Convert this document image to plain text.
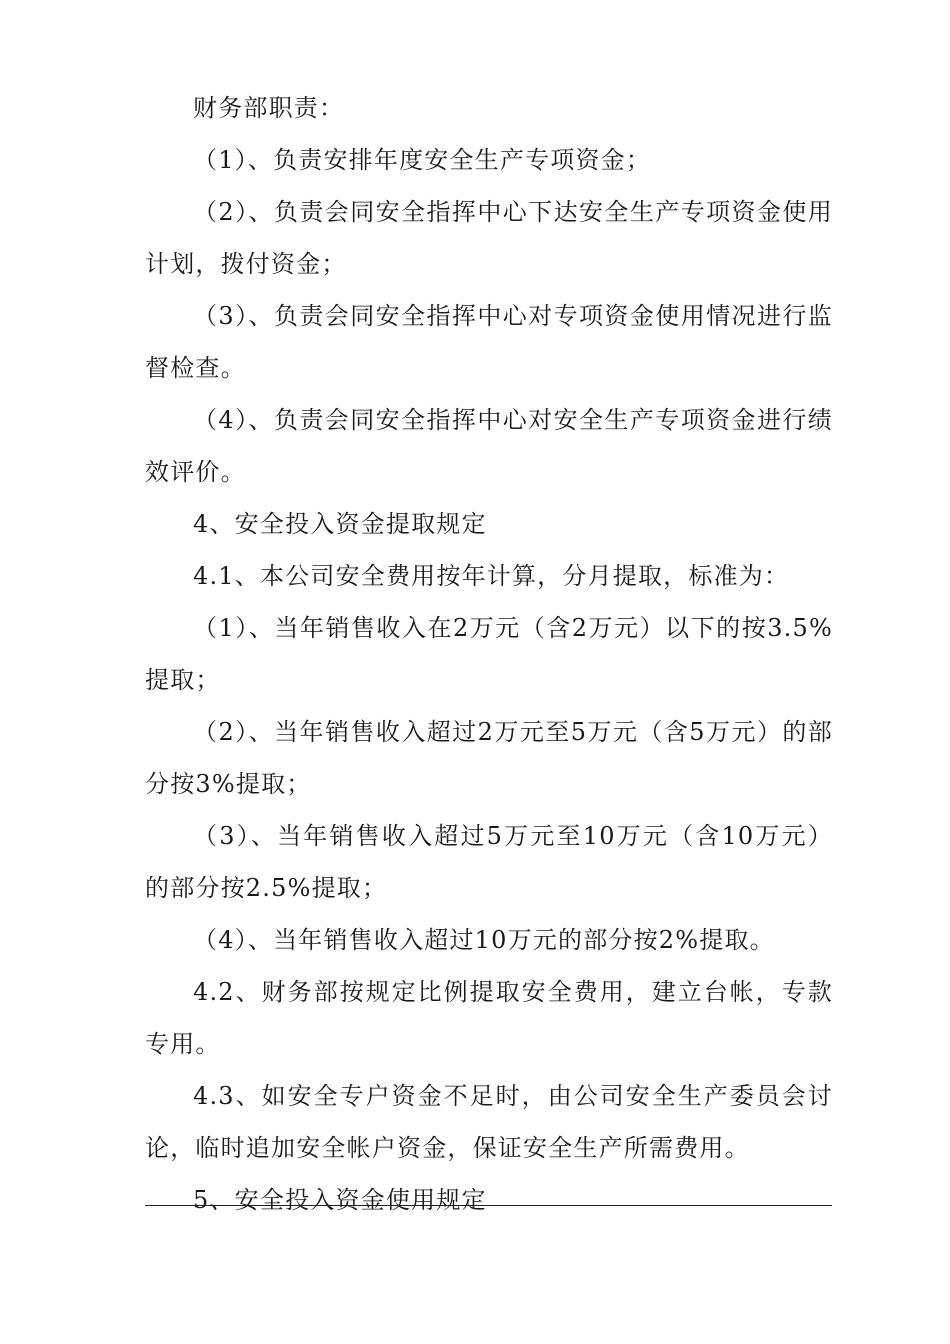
财务部职责：

（1）、负责安排年度安全生产专项资金；

（2）、负责会同安全指挥中心下达安全生产专项资金使用计划，拨付资金；

（3）、负责会同安全指挥中心对专项资金使用情况进行监督检查。

（4）、负责会同安全指挥中心对安全生产专项资金进行绩效评价。

4、安全投入资金提取规定

4.1、本公司安全费用按年计算，分月提取，标准为：

（1）、当年销售收入在2万元（含2万元）以下的按3.5%提取；

（2）、当年销售收入超过2万元至5万元（含5万元）的部分按3%提取；

（3）、当年销售收入超过5万元至10万元（含10万元）的部分按2.5%提取；

（4）、当年销售收入超过10万元的部分按2%提取。

4.2、财务部按规定比例提取安全费用，建立台帐，专款专用。

4.3、如安全专户资金不足时，由公司安全生产委员会讨论，临时追加安全帐户资金，保证安全生产所需费用。

5、安全投入资金使用规定
